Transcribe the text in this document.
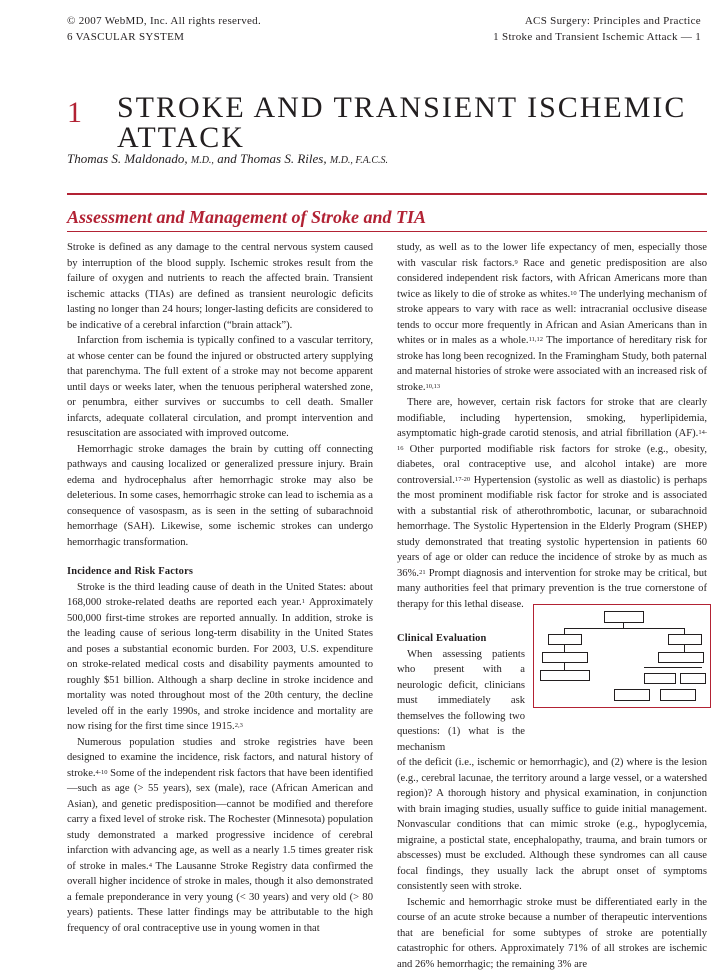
© 2007 WebMD, Inc. All rights reserved.
6 VASCULAR SYSTEM
ACS Surgery: Principles and Practice
1 Stroke and Transient Ischemic Attack — 1
1 STROKE AND TRANSIENT ISCHEMIC ATTACK
Thomas S. Maldonado, M.D., and Thomas S. Riles, M.D., F.A.C.S.
Assessment and Management of Stroke and TIA

Stroke is defined as any damage to the central nervous system caused by interruption of the blood supply. Ischemic strokes result from the failure of oxygen and nutrients to reach the affected brain. Transient ischemic attacks (TIAs) are defined as transient neurologic deficits lasting no longer than 24 hours; longer-lasting deficits are considered to be indicative of a cerebral infarction (“brain attack”).

Infarction from ischemia is typically confined to a vascular territory, at whose center can be found the injured or obstructed artery supplying that parenchyma. The full extent of a stroke may not become apparent until days or weeks later, when the tenuous peripheral watershed zone, or penumbra, either survives or succumbs to cell death. Smaller infarcts, adequate collateral circulation, and prompt intervention and resuscitation are associated with improved outcome.

Hemorrhagic stroke damages the brain by cutting off connecting pathways and causing localized or generalized pressure injury. Brain edema and hydrocephalus after hemorrhagic stroke may also be deleterious. In some cases, hemorrhagic stroke can lead to ischemia as a consequence of vasospasm, as is seen in the setting of subarachnoid hemorrhage (SAH). Likewise, some ischemic strokes can undergo hemorrhagic transformation.

Incidence and Risk Factors

Stroke is the third leading cause of death in the United States: about 168,000 stroke-related deaths are reported each year.$^1$ Approximately 500,000 first-time strokes are reported annually. In addition, stroke is the leading cause of serious long-term disability in the United States and poses a substantial economic burden. For 2003, U.S. expenditure on stroke-related medical costs and disability payments amounted to roughly $51 billion. Although a sharp decline in stroke incidence and mortality was noted throughout most of the 20th century, the decline leveled off in the early 1990s, and stroke incidence and mortality are now rising for the first time since 1915.$^{2,3}$

Numerous population studies and stroke registries have been designed to examine the incidence, risk factors, and natural history of stroke.$^{4-10}$ Some of the independent risk factors that have been identified—such as age (> 55 years), sex (male), race (African American and Asian), and genetic predisposition—cannot be modified and therefore carry a fixed level of stroke risk. The Rochester (Minnesota) population study demonstrated a marked progressive incidence of cerebral infarction with advancing age, as well as a nearly 1.5 times greater risk of stroke in males.$^4$ The Lausanne Stroke Registry data confirmed the overall higher incidence of stroke in males, though it also demonstrated a female preponderance in very young (< 30 years) and very old (> 80 years) patients. These latter findings may be attributable to the high frequency of oral contraceptive use in young women in that

study, as well as to the lower life expectancy of men, especially those with vascular risk factors.$^9$ Race and genetic predisposition are also considered independent risk factors, with African Americans more than twice as likely to die of stroke as whites.$^{10}$ The underlying mechanism of stroke appears to vary with race as well: intracranial occlusive disease tends to occur more frequently in African and Asian Americans than in whites or in males as a whole.$^{11,12}$ The importance of hereditary risk for stroke has long been recognized. In the Framingham Study, both paternal and maternal histories of stroke were associated with an increased risk of stroke.$^{10,13}$

There are, however, certain risk factors for stroke that are clearly modifiable, including hypertension, smoking, hyperlipidemia, asymptomatic high-grade carotid stenosis, and atrial fibrillation (AF).$^{14-16}$ Other purported modifiable risk factors for stroke (e.g., obesity, diabetes, oral contraceptive use, and alcohol intake) are more controversial.$^{17-20}$ Hypertension (systolic as well as diastolic) is perhaps the most prominent modifiable risk factor for stroke and is associated with a substantial risk of atherothrombotic, lacunar, or subarachnoid hemorrhage. The Systolic Hypertension in the Elderly Program (SHEP) study demonstrated that treating systolic hypertension in patients 60 years of age or older can reduce the incidence of stroke by as much as 36%.$^{21}$ Prompt diagnosis and intervention for stroke may be critical, but many authorities feel that primary prevention is the true cornerstone of therapy for this lethal disease.

Clinical Evaluation

When assessing patients who present with a neurologic deficit, clinicians must immediately ask themselves the following two questions: (1) what is the mechanism

of the deficit (i.e., ischemic or hemorrhagic), and (2) where is the lesion (e.g., cerebral lacunae, the territory around a large vessel, or a watershed region)? A thorough history and physical examination, in conjunction with brain imaging studies, usually suffice to guide initial management. Nonvascular conditions that can mimic stroke (e.g., hypoglycemia, migraine, a postictal state, encephalopathy, trauma, and brain tumors or abscesses) must be excluded. Although these syndromes can all cause focal findings, they usually lack the abrupt onset of symptoms consistently seen with stroke.

Ischemic and hemorrhagic stroke must be differentiated early in the course of an acute stroke because a number of therapeutic interventions that are beneficial for some subtypes of stroke are potentially catastrophic for others. Approximately 71% of all strokes are ischemic and 26% hemorrhagic; the remaining 3% are
